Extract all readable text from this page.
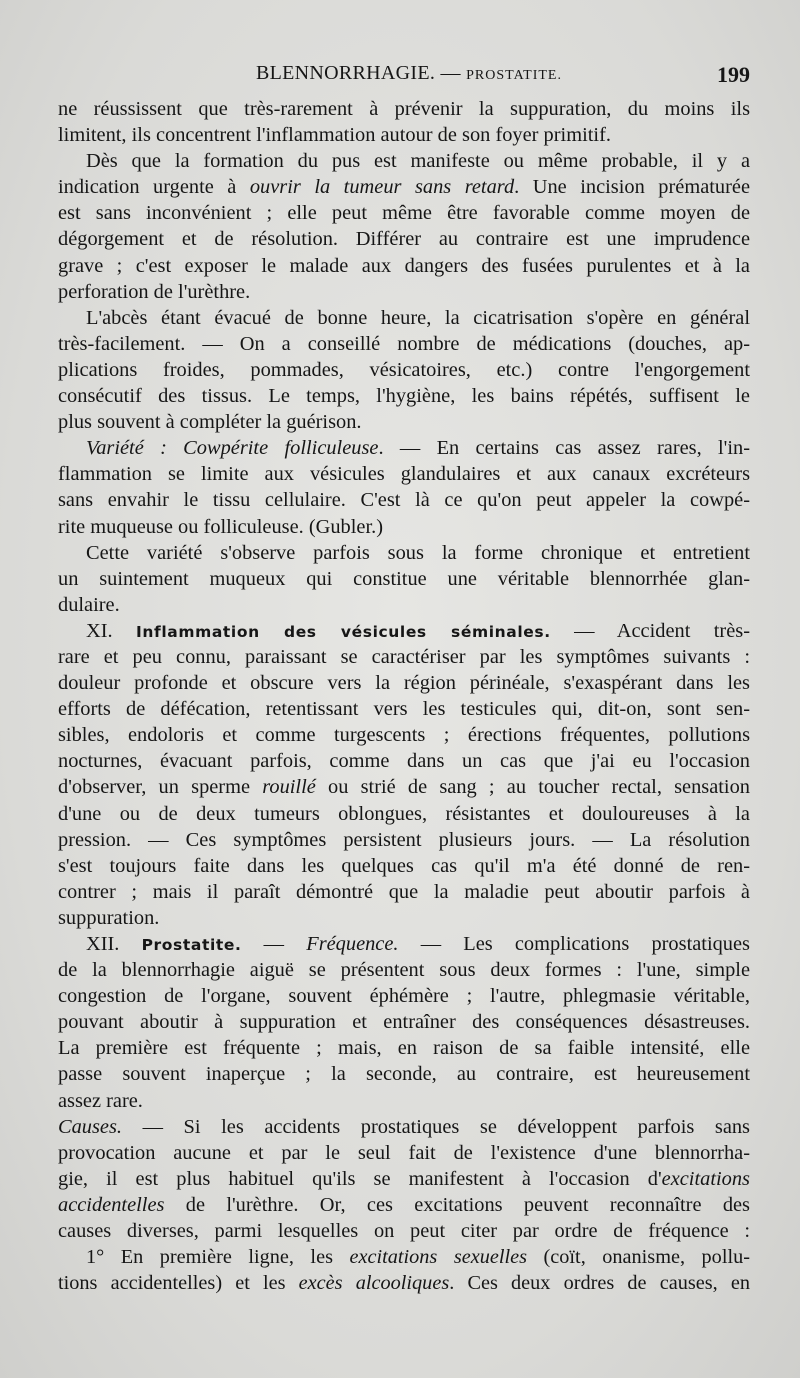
BLENNORRHAGIE. — PROSTATITE.	199
ne réussissent que très-rarement à prévenir la suppuration, du moins ils
limitent, ils concentrent l'inflammation autour de son foyer primitif.
Dès que la formation du pus est manifeste ou même probable, il y a
indication urgente à ouvrir la tumeur sans retard. Une incision prématurée
est sans inconvénient ; elle peut même être favorable comme moyen de
dégorgement et de résolution. Différer au contraire est une imprudence
grave ; c'est exposer le malade aux dangers des fusées purulentes et à la
perforation de l'urèthre.
L'abcès étant évacué de bonne heure, la cicatrisation s'opère en général
très-facilement. — On a conseillé nombre de médications (douches, ap-
plications froides, pommades, vésicatoires, etc.) contre l'engorgement
consécutif des tissus. Le temps, l'hygiène, les bains répétés, suffisent le
plus souvent à compléter la guérison.
Variété : Cowpérite folliculeuse. — En certains cas assez rares, l'in-
flammation se limite aux vésicules glandulaires et aux canaux excréteurs
sans envahir le tissu cellulaire. C'est là ce qu'on peut appeler la cowpé-
rite muqueuse ou folliculeuse. (Gubler.)
Cette variété s'observe parfois sous la forme chronique et entretient
un suintement muqueux qui constitue une véritable blennorrhée glan-
dulaire.
XI. Inflammation des vésicules séminales. — Accident très-
rare et peu connu, paraissant se caractériser par les symptômes suivants :
douleur profonde et obscure vers la région périnéale, s'exaspérant dans les
efforts de défécation, retentissant vers les testicules qui, dit-on, sont sen-
sibles, endoloris et comme turgescents ; érections fréquentes, pollutions
nocturnes, évacuant parfois, comme dans un cas que j'ai eu l'occasion
d'observer, un sperme rouillé ou strié de sang ; au toucher rectal, sensation
d'une ou de deux tumeurs oblongues, résistantes et douloureuses à la
pression. — Ces symptômes persistent plusieurs jours. — La résolution
s'est toujours faite dans les quelques cas qu'il m'a été donné de ren-
contrer ; mais il paraît démontré que la maladie peut aboutir parfois à
suppuration.
XII. Prostatite. — Fréquence. — Les complications prostatiques
de la blennorrhagie aiguë se présentent sous deux formes : l'une, simple
congestion de l'organe, souvent éphémère ; l'autre, phlegmasie véritable,
pouvant aboutir à suppuration et entraîner des conséquences désastreuses.
La première est fréquente ; mais, en raison de sa faible intensité, elle
passe souvent inaperçue ; la seconde, au contraire, est heureusement
assez rare.
Causes. — Si les accidents prostatiques se développent parfois sans
provocation aucune et par le seul fait de l'existence d'une blennorrha-
gie, il est plus habituel qu'ils se manifestent à l'occasion d'excitations
accidentelles de l'urèthre. Or, ces excitations peuvent reconnaître des
causes diverses, parmi lesquelles on peut citer par ordre de fréquence :
1° En première ligne, les excitations sexuelles (coït, onanisme, pollu-
tions accidentelles) et les excès alcooliques. Ces deux ordres de causes, en
